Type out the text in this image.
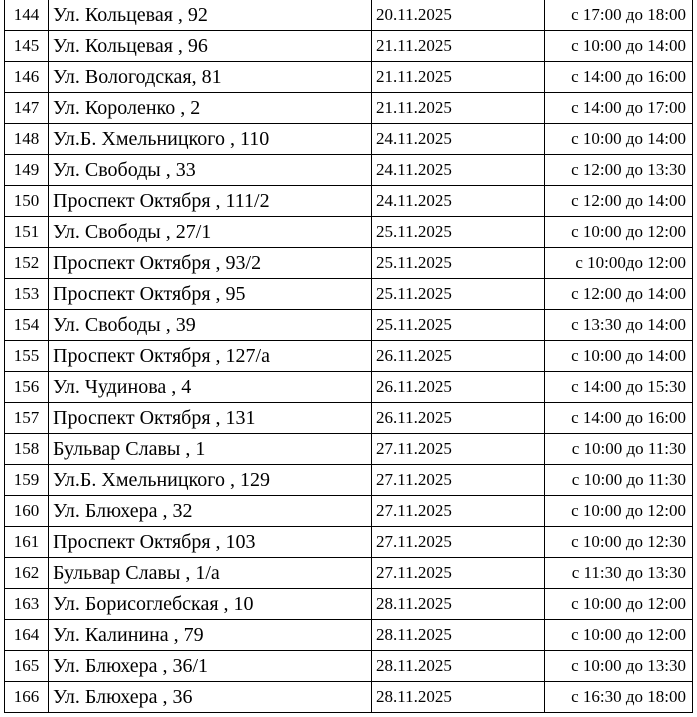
144	Ул. Кольцевая , 92	20.11.2025	с 17:00 до 18:00
145	Ул. Кольцевая , 96	21.11.2025	с 10:00 до 14:00
146	Ул. Вологодская, 81	21.11.2025	с 14:00 до 16:00
147	Ул. Короленко , 2	21.11.2025	с 14:00 до 17:00
148	Ул.Б. Хмельницкого , 110	24.11.2025	с 10:00 до 14:00
149	Ул. Свободы , 33	24.11.2025	с 12:00 до 13:30
150	Проспект Октября , 111/2	24.11.2025	с 12:00 до 14:00
151	Ул. Свободы , 27/1	25.11.2025	с 10:00 до 12:00
152	Проспект Октября , 93/2	25.11.2025	с 10:00до 12:00
153	Проспект Октября , 95	25.11.2025	с 12:00 до 14:00
154	Ул. Свободы , 39	25.11.2025	с 13:30 до 14:00
155	Проспект Октября , 127/а	26.11.2025	с 10:00 до 14:00
156	Ул. Чудинова , 4	26.11.2025	с 14:00 до 15:30
157	Проспект Октября , 131	26.11.2025	с 14:00 до 16:00
158	Бульвар Славы , 1	27.11.2025	с 10:00 до 11:30
159	Ул.Б. Хмельницкого , 129	27.11.2025	с 10:00 до 11:30
160	Ул. Блюхера , 32	27.11.2025	с 10:00 до 12:00
161	Проспект Октября , 103	27.11.2025	с 10:00 до 12:30
162	Бульвар Славы , 1/а	27.11.2025	с 11:30 до 13:30
163	Ул. Борисоглебская , 10	28.11.2025	с 10:00 до 12:00
164	Ул. Калинина , 79	28.11.2025	с 10:00 до 12:00
165	Ул. Блюхера , 36/1	28.11.2025	с 10:00 до 13:30
166	Ул. Блюхера , 36	28.11.2025	с 16:30 до 18:00
